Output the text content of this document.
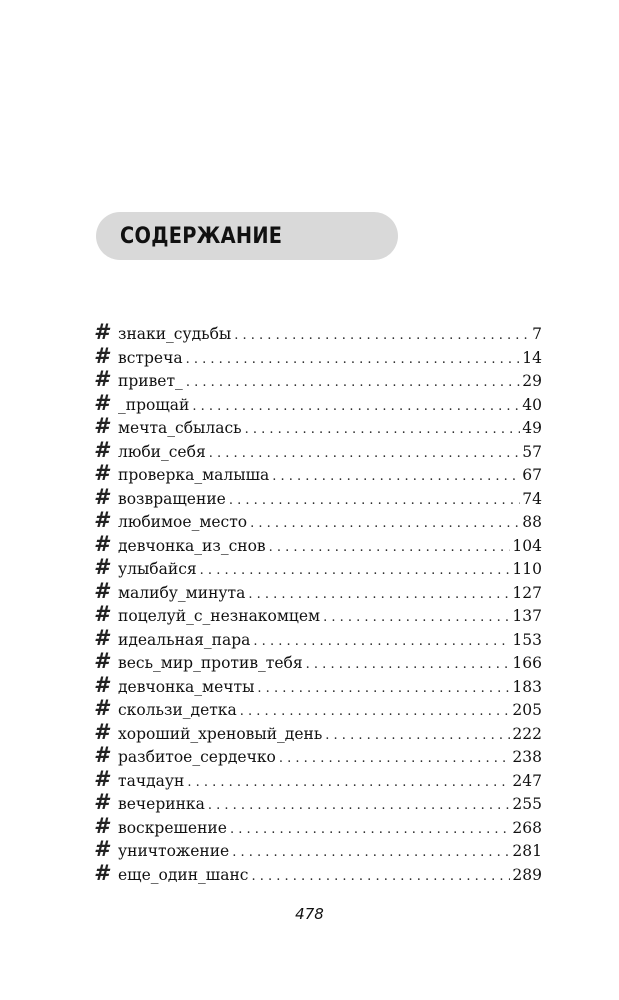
СОДЕРЖАНИЕ
# знаки_судьбы . . .	7
# встреча . . .	14
# привет_ . . .	29
# _прощай . . .	40
# мечта_сбылась . . .	49
# люби_себя . . .	57
# проверка_малыша . . .	67
# возвращение . . .	74
# любимое_место . . .	88
# девчонка_из_снов . . .	104
# улыбайся . . .	110
# малибу_минута . . .	127
# поцелуй_с_незнакомцем . . .	137
# идеальная_пара . . .	153
# весь_мир_против_тебя . . .	166
# девчонка_мечты . . .	183
# скользи_детка . . .	205
# хороший_хреновый_день . . .	222
# разбитое_сердечко . . .	238
# тачдаун . . .	247
# вечеринка . . .	255
# воскрешение . . .	268
# уничтожение . . .	281
# еще_один_шанс . . .	289
478
